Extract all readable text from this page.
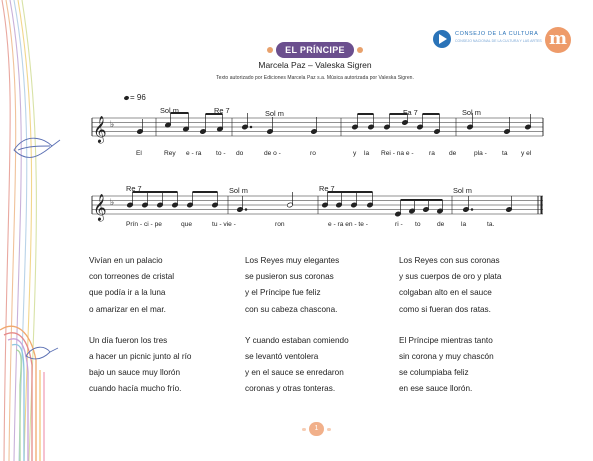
EL PRÍNCIPE
Marcela Paz – Valeska Sigren
Texto autorizado por Ediciones Marcela Paz s.a. Música autorizada por Valeska Sigren.
CONSEJO DE LA CULTURA
CONSEJO NACIONAL DE LA CULTURA Y LAS ARTES m
= 96
𝄞
𝄞
♭
♭
Sol m	Re 7	Sol m	Fa 7	Sol m
El	Rey e - ra to - do	de o -	ro	y la Rei - na e - ra de	pla - ta y el
Re 7	Sol m	Re 7	Sol m
Prín - ci - pe	que	tu - vie -	ron	e - ra en - te -	ri - to	de	la	ta.
Vivían en un palacio
con torreones de cristal
que podía ir a la luna
o amarizar en el mar.
Un día fueron los tres
a hacer un picnic junto al río
bajo un sauce muy llorón
cuando hacía mucho frío.
Los Reyes muy elegantes
se pusieron sus coronas
y el Príncipe fue feliz
con su cabeza chascona.
Y cuando estaban comiendo
se levantó ventolera
y en el sauce se enredaron
coronas y otras tonteras.
Los Reyes con sus coronas
y sus cuerpos de oro y plata
colgaban alto en el sauce
como si fueran dos ratas.
El Príncipe mientras tanto
sin corona y muy chascón
se columpiaba feliz
en ese sauce llorón.
1
